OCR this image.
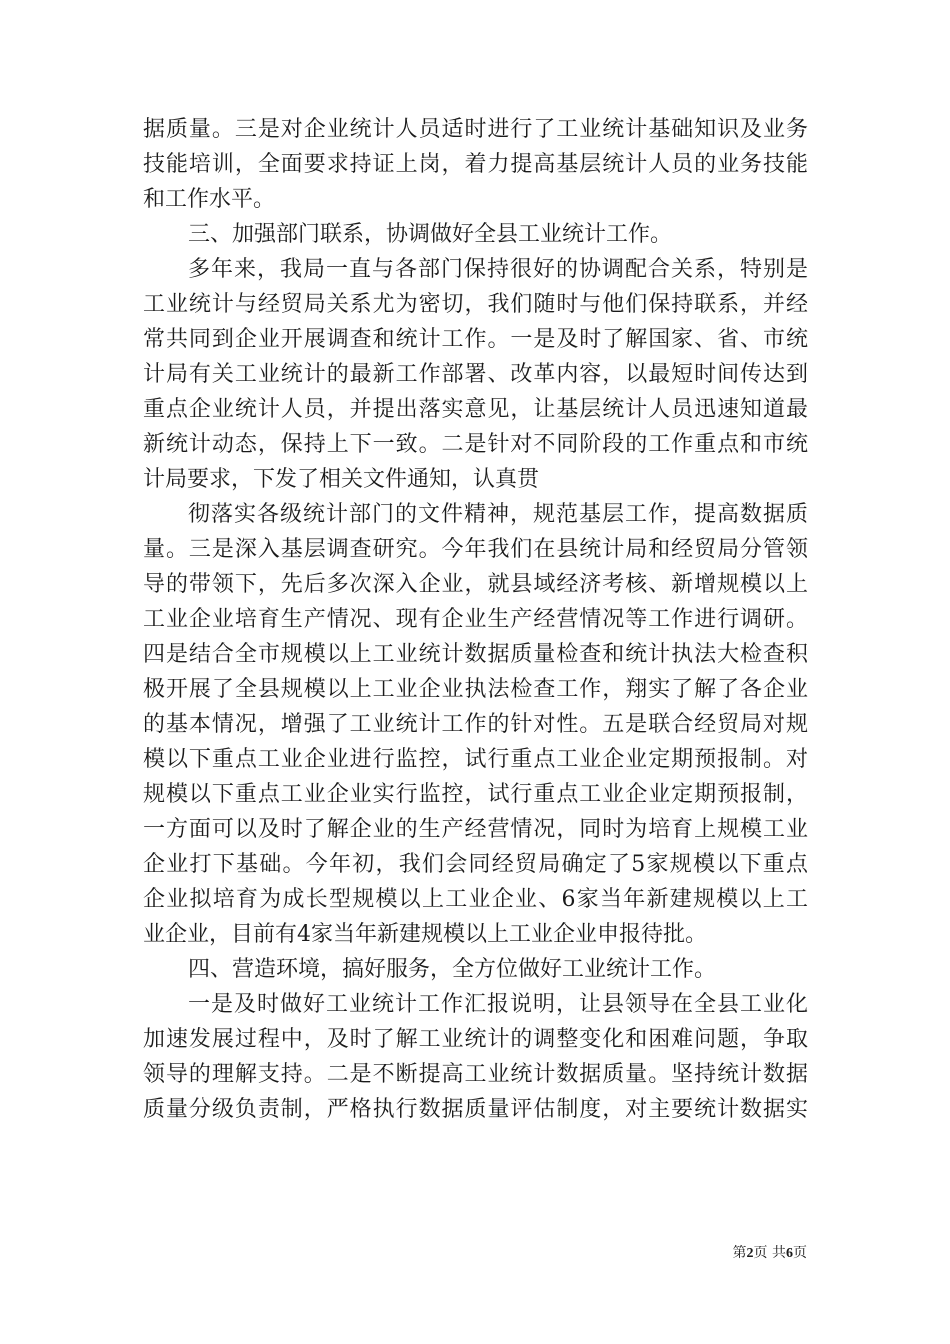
据质量。三是对企业统计人员适时进行了工业统计基础知识及业务
技能培训，全面要求持证上岗，着力提高基层统计人员的业务技能
和工作水平。
三、加强部门联系，协调做好全县工业统计工作。
多年来，我局一直与各部门保持很好的协调配合关系，特别是
工业统计与经贸局关系尤为密切，我们随时与他们保持联系，并经
常共同到企业开展调查和统计工作。一是及时了解国家、省、市统
计局有关工业统计的最新工作部署、改革内容，以最短时间传达到
重点企业统计人员，并提出落实意见，让基层统计人员迅速知道最
新统计动态，保持上下一致。二是针对不同阶段的工作重点和市统
计局要求，下发了相关文件通知，认真贯
彻落实各级统计部门的文件精神，规范基层工作，提高数据质
量。三是深入基层调查研究。今年我们在县统计局和经贸局分管领
导的带领下，先后多次深入企业，就县域经济考核、新增规模以上
工业企业培育生产情况、现有企业生产经营情况等工作进行调研。
四是结合全市规模以上工业统计数据质量检查和统计执法大检查积
极开展了全县规模以上工业企业执法检查工作，翔实了解了各企业
的基本情况，增强了工业统计工作的针对性。五是联合经贸局对规
模以下重点工业企业进行监控，试行重点工业企业定期预报制。对
规模以下重点工业企业实行监控，试行重点工业企业定期预报制，
一方面可以及时了解企业的生产经营情况，同时为培育上规模工业
企业打下基础。今年初，我们会同经贸局确定了5家规模以下重点
企业拟培育为成长型规模以上工业企业、6家当年新建规模以上工
业企业，目前有4家当年新建规模以上工业企业申报待批。
四、营造环境，搞好服务，全方位做好工业统计工作。
一是及时做好工业统计工作汇报说明，让县领导在全县工业化
加速发展过程中，及时了解工业统计的调整变化和困难问题，争取
领导的理解支持。二是不断提高工业统计数据质量。坚持统计数据
质量分级负责制，严格执行数据质量评估制度，对主要统计数据实
第2页 共6页
